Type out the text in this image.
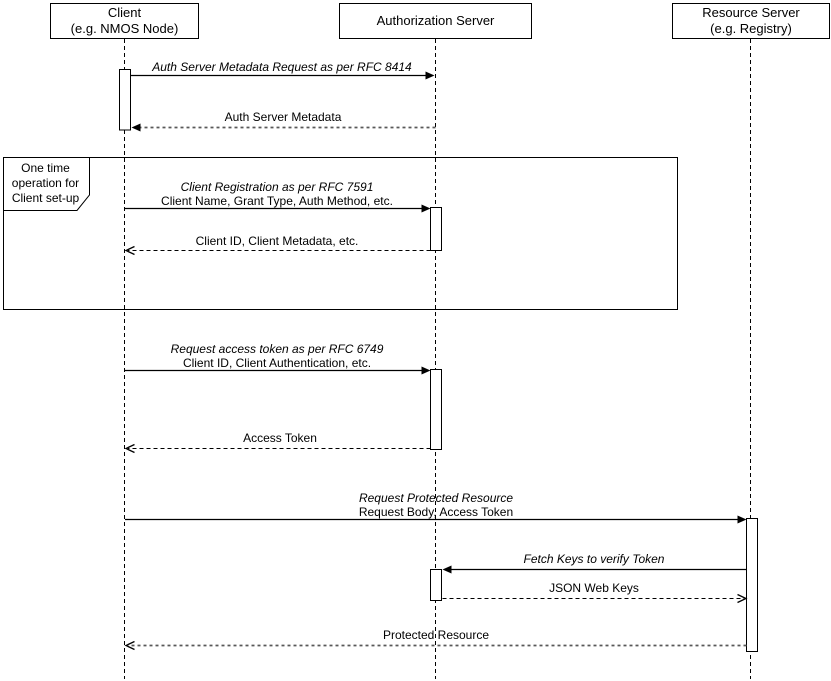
Client
(e.g. NMOS Node)
Authorization Server
Resource Server
(e.g. Registry)
One time
operation for
Client set-up
Auth Server Metadata Request as per RFC 8414
Auth Server Metadata
Client Registration as per RFC 7591
Client Name, Grant Type, Auth Method, etc.
Client ID, Client Metadata, etc.
Request access token as per RFC 6749
Client ID, Client Authentication, etc.
Access Token
Request Protected Resource
Request Body, Access Token
Fetch Keys to verify Token
JSON Web Keys
Protected Resource
